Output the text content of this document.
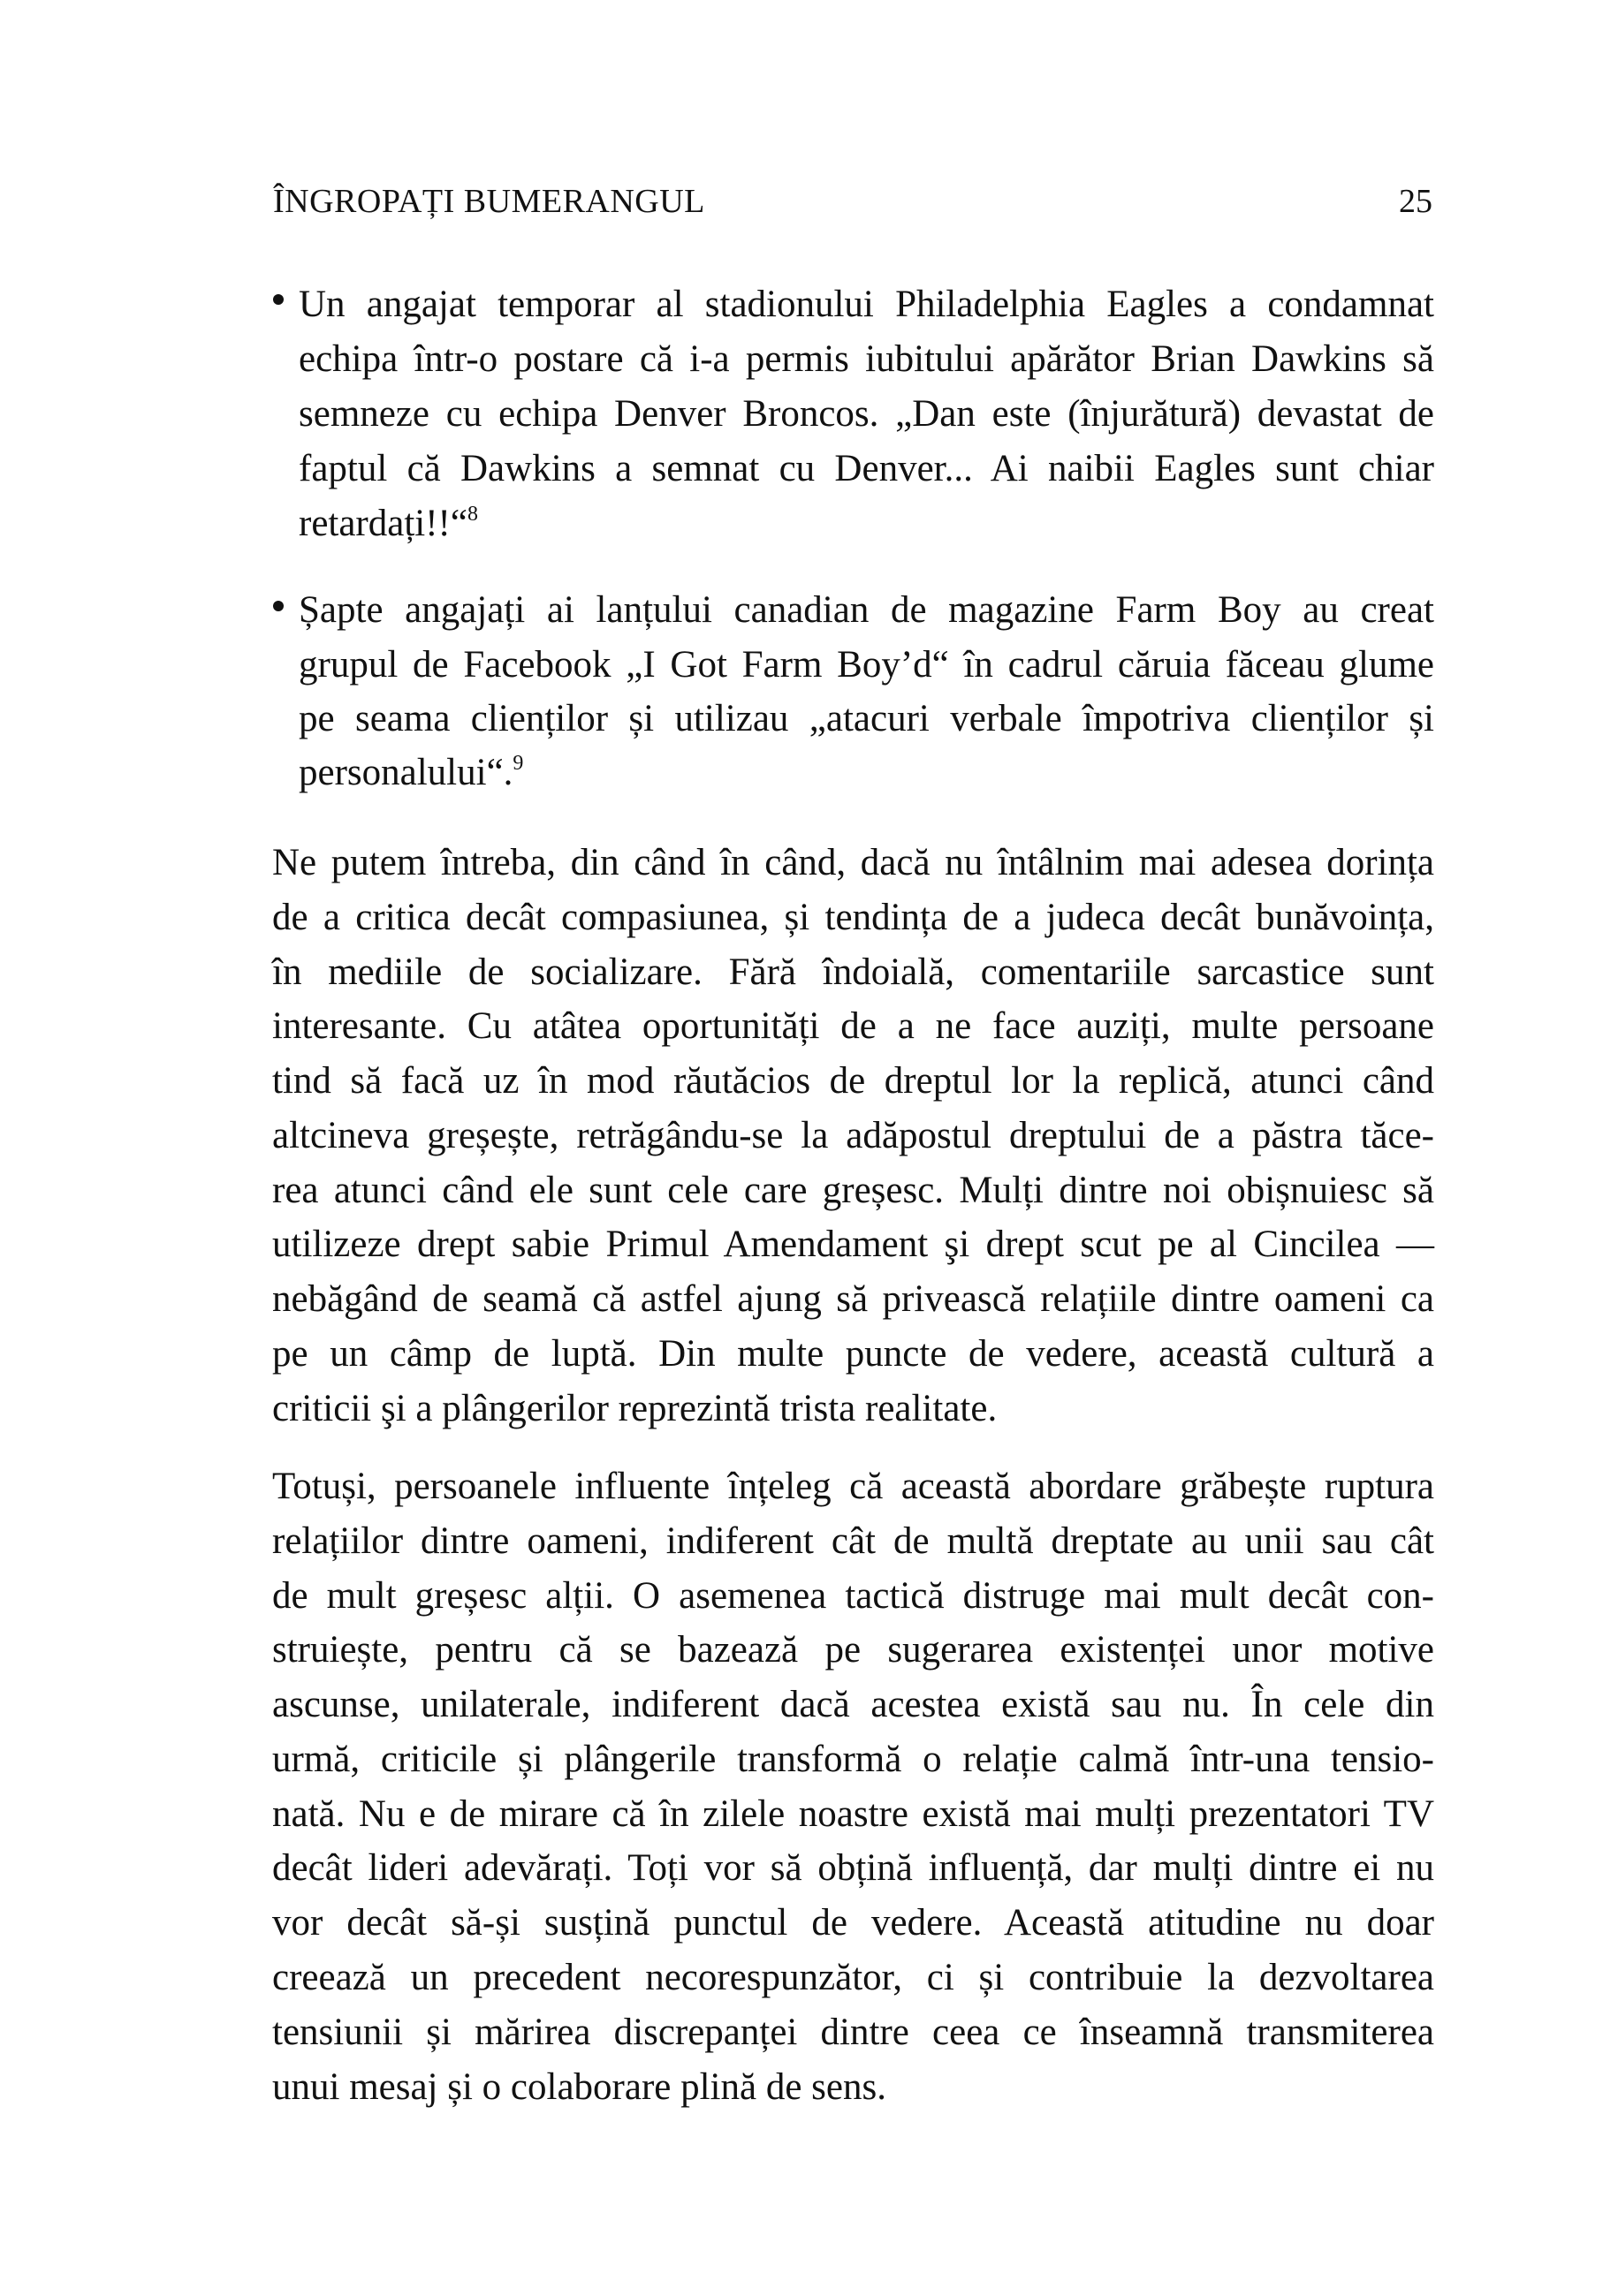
ÎNGROPAȚI BUMERANGUL	25
Un angajat temporar al stadionului Philadelphia Eagles a condamnat
echipa într-o postare că i-a permis iubitului apărător Brian Dawkins să
semneze cu echipa Denver Broncos. „Dan este (înjurătură) devastat de
faptul că Dawkins a semnat cu Denver... Ai naibii Eagles sunt chiar
retardați!!“$^8$
Șapte angajați ai lanțului canadian de magazine Farm Boy au creat
grupul de Facebook „I Got Farm Boy’d“ în cadrul căruia făceau glume
pe seama clienților și utilizau „atacuri verbale împotriva clienților și
personalului“.$^9$
Ne putem întreba, din când în când, dacă nu întâlnim mai adesea dorința
de a critica decât compasiunea, și tendința de a judeca decât bunăvoința,
în mediile de socializare. Fără îndoială, comentariile sarcastice sunt
interesante. Cu atâtea oportunități de a ne face auziți, multe persoane
tind să facă uz în mod răutăcios de dreptul lor la replică, atunci când
altcineva greșește, retrăgându-se la adăpostul dreptului de a păstra tăce-
rea atunci când ele sunt cele care greșesc. Mulți dintre noi obișnuiesc să
utilizeze drept sabie Primul Amendament şi drept scut pe al Cincilea —
nebăgând de seamă că astfel ajung să privească relațiile dintre oameni ca
pe un câmp de luptă. Din multe puncte de vedere, această cultură a
criticii şi a plângerilor reprezintă trista realitate.
Totuși, persoanele influente înțeleg că această abordare grăbește ruptura
relațiilor dintre oameni, indiferent cât de multă dreptate au unii sau cât
de mult greșesc alții. O asemenea tactică distruge mai mult decât con-
struiește, pentru că se bazează pe sugerarea existenței unor motive
ascunse, unilaterale, indiferent dacă acestea există sau nu. În cele din
urmă, criticile și plângerile transformă o relație calmă într-una tensio-
nată. Nu e de mirare că în zilele noastre există mai mulți prezentatori TV
decât lideri adevărați. Toți vor să obțină influență, dar mulți dintre ei nu
vor decât să-și susțină punctul de vedere. Această atitudine nu doar
creează un precedent necorespunzător, ci și contribuie la dezvoltarea
tensiunii și mărirea discrepanței dintre ceea ce înseamnă transmiterea
unui mesaj și o colaborare plină de sens.
